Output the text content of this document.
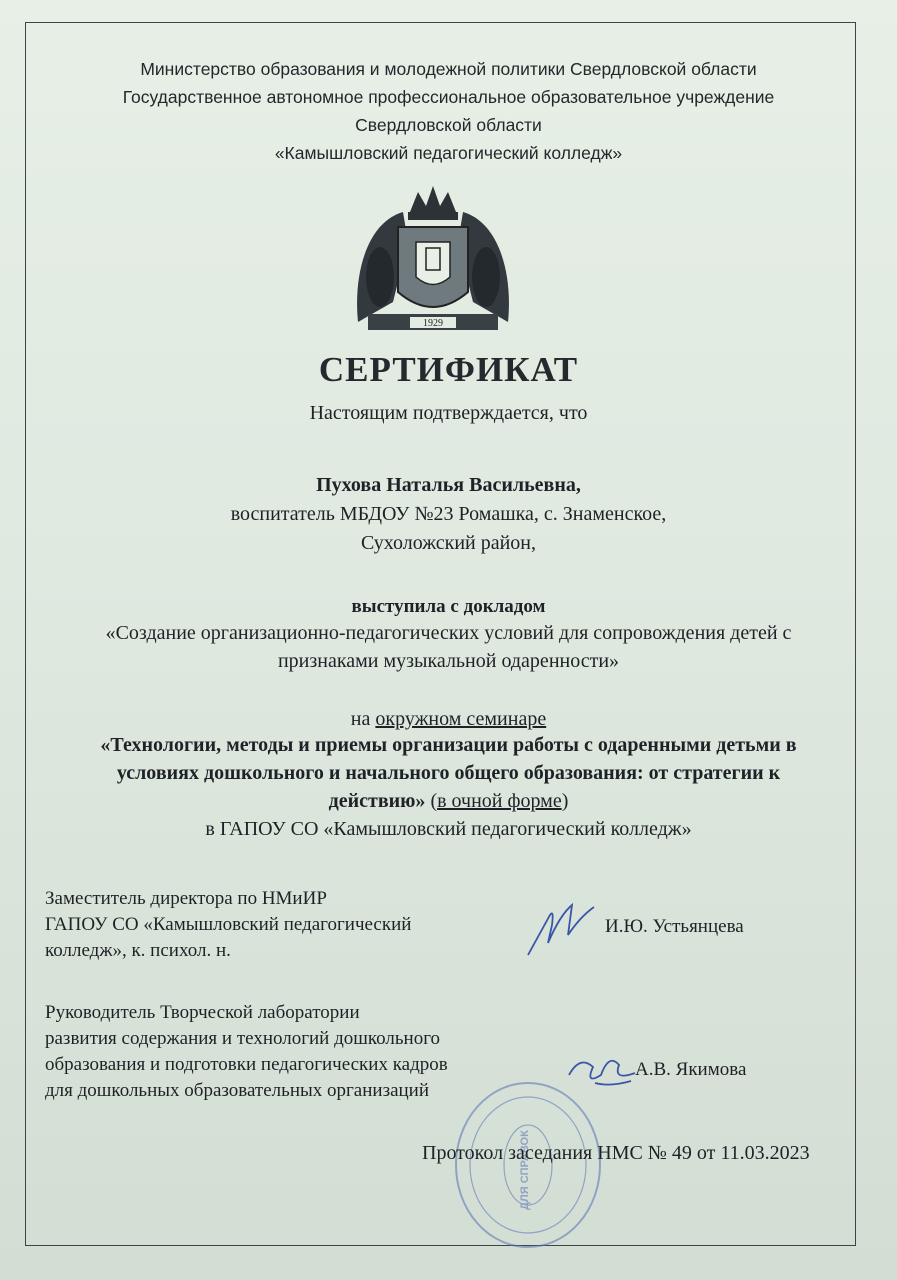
Министерство образования и молодежной политики Свердловской области
Государственное автономное профессиональное образовательное учреждение
Свердловской области
«Камышловский педагогический колледж»
1929
СЕРТИФИКАТ
Настоящим подтверждается, что
Пухова Наталья Васильевна,
воспитатель МБДОУ №23 Ромашка, с. Знаменское,
Сухоложский район,
выступила с докладом
«Создание организационно-педагогических условий для сопровождения детей с
признаками музыкальной одаренности»
на окружном семинаре
«Технологии, методы и приемы организации работы с одаренными детьми в
условиях дошкольного и начального общего образования: от стратегии к
действию» (в очной форме)
в ГАПОУ СО «Камышловский педагогический колледж»
Заместитель директора по НМиИР
ГАПОУ СО «Камышловский педагогический
колледж», к. психол. н.
И.Ю. Устьянцева
Руководитель Творческой лаборатории
развития содержания и технологий дошкольного
образования и подготовки педагогических кадров
для дошкольных образовательных организаций
А.В. Якимова
ДЛЯ СПРАВОК
Протокол заседания НМС № 49 от 11.03.2023
